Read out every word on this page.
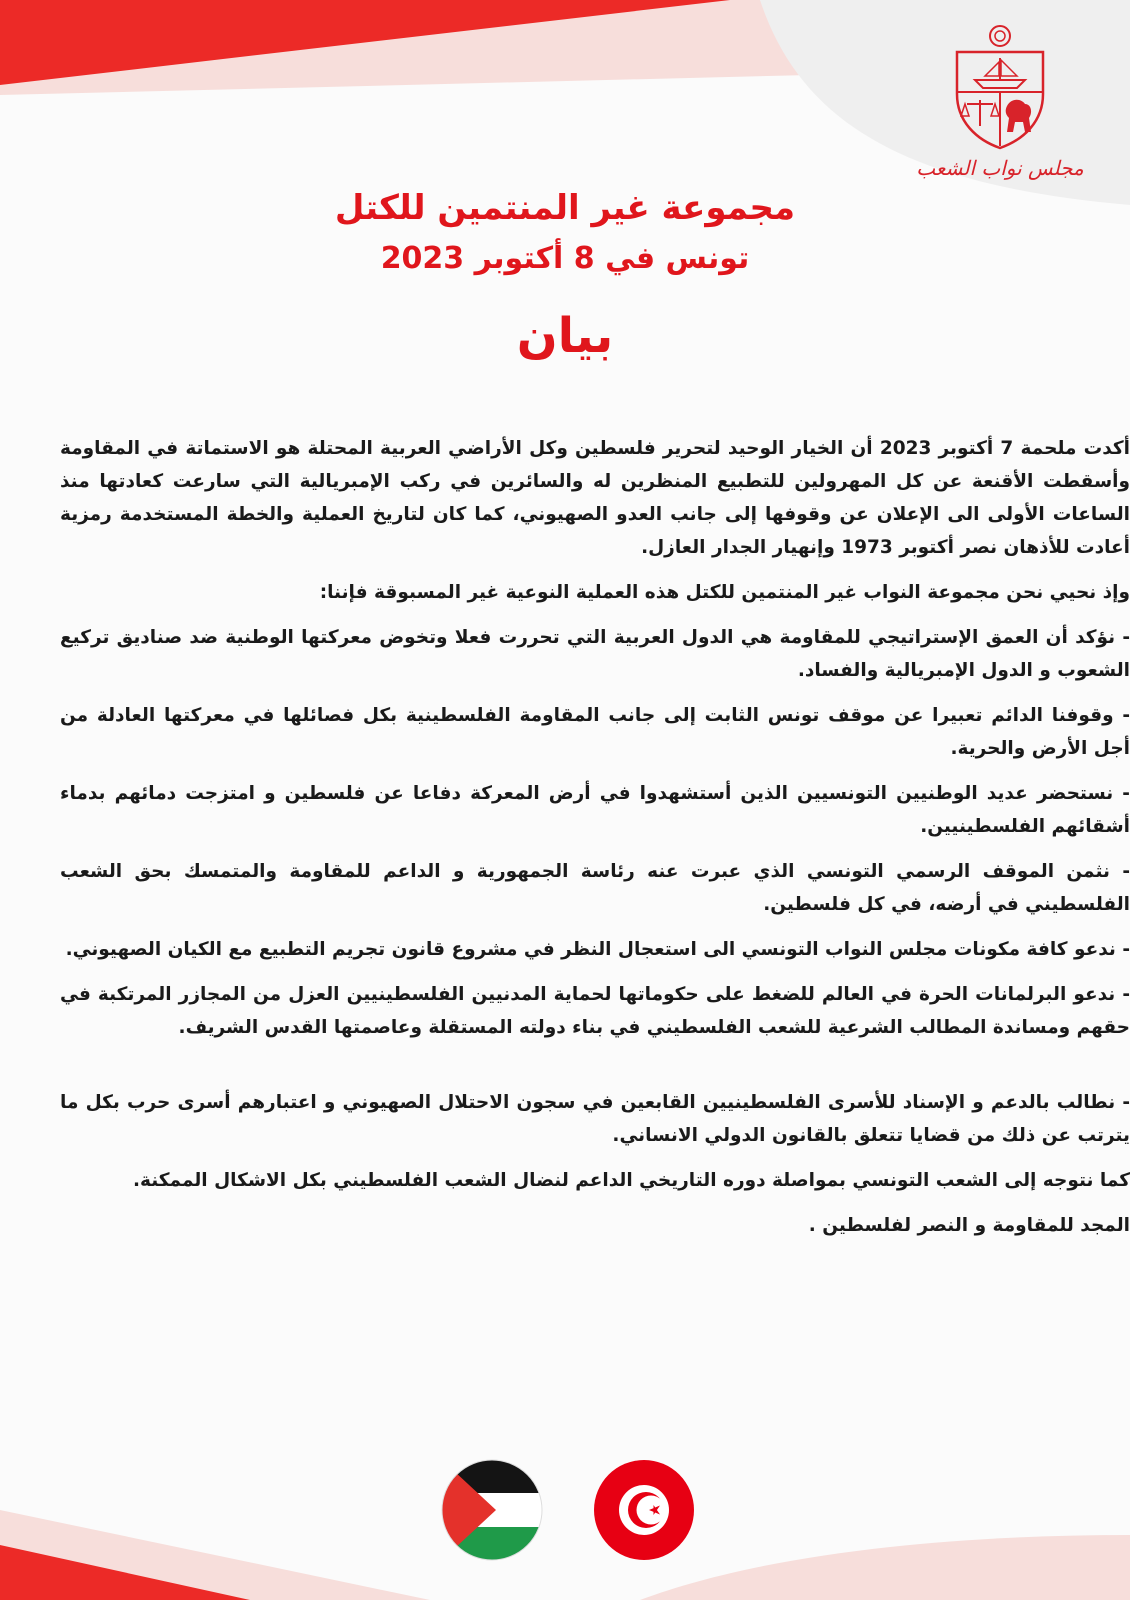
مجلس نواب الشعب
مجموعة غير المنتمين للكتل
تونس في 8 أكتوبر 2023
بيان

أكدت ملحمة 7 أكتوبر 2023 أن الخيار الوحيد لتحرير فلسطين وكل الأراضي العربية المحتلة هو الاستماتة في المقاومة وأسقطت الأقنعة عن كل المهرولين للتطبيع المنظرين له والسائرين في ركب الإمبريالية التي سارعت كعادتها منذ الساعات الأولى الى الإعلان عن وقوفها إلى جانب العدو الصهيوني، كما كان لتاريخ العملية والخطة المستخدمة رمزية أعادت للأذهان نصر أكتوبر 1973 وإنهيار الجدار العازل.

وإذ نحيي نحن مجموعة النواب غير المنتمين للكتل هذه العملية النوعية غير المسبوقة فإننا:

- نؤكد أن العمق الإستراتيجي للمقاومة هي الدول العربية التي تحررت فعلا وتخوض معركتها الوطنية ضد صناديق تركيع الشعوب و الدول الإمبريالية والفساد.

- وقوفنا الدائم تعبيرا عن موقف تونس الثابت إلى جانب المقاومة الفلسطينية بكل فصائلها في معركتها العادلة من أجل الأرض والحرية.

- نستحضر عديد الوطنيين التونسيين الذين أستشهدوا في أرض المعركة دفاعا عن فلسطين و امتزجت دمائهم بدماء أشقائهم الفلسطينيين.

- نثمن الموقف الرسمي التونسي الذي عبرت عنه رئاسة الجمهورية و الداعم للمقاومة والمتمسك بحق الشعب الفلسطيني في أرضه، في كل فلسطين.

- ندعو كافة مكونات مجلس النواب التونسي الى استعجال النظر في مشروع قانون تجريم التطبيع مع الكيان الصهيوني.

- ندعو البرلمانات الحرة في العالم للضغط على حكوماتها لحماية المدنيين الفلسطينيين العزل من المجازر المرتكبة في حقهم ومساندة المطالب الشرعية للشعب الفلسطيني في بناء دولته المستقلة وعاصمتها القدس الشريف.

- نطالب بالدعم و الإسناد للأسرى الفلسطينيين القابعين في سجون الاحتلال الصهيوني و اعتبارهم أسرى حرب بكل ما يترتب عن ذلك من قضايا تتعلق بالقانون الدولي الانساني.

كما نتوجه إلى الشعب التونسي بمواصلة دوره التاريخي الداعم لنضال الشعب الفلسطيني بكل الاشكال الممكنة.

المجد للمقاومة و النصر لفلسطين .
